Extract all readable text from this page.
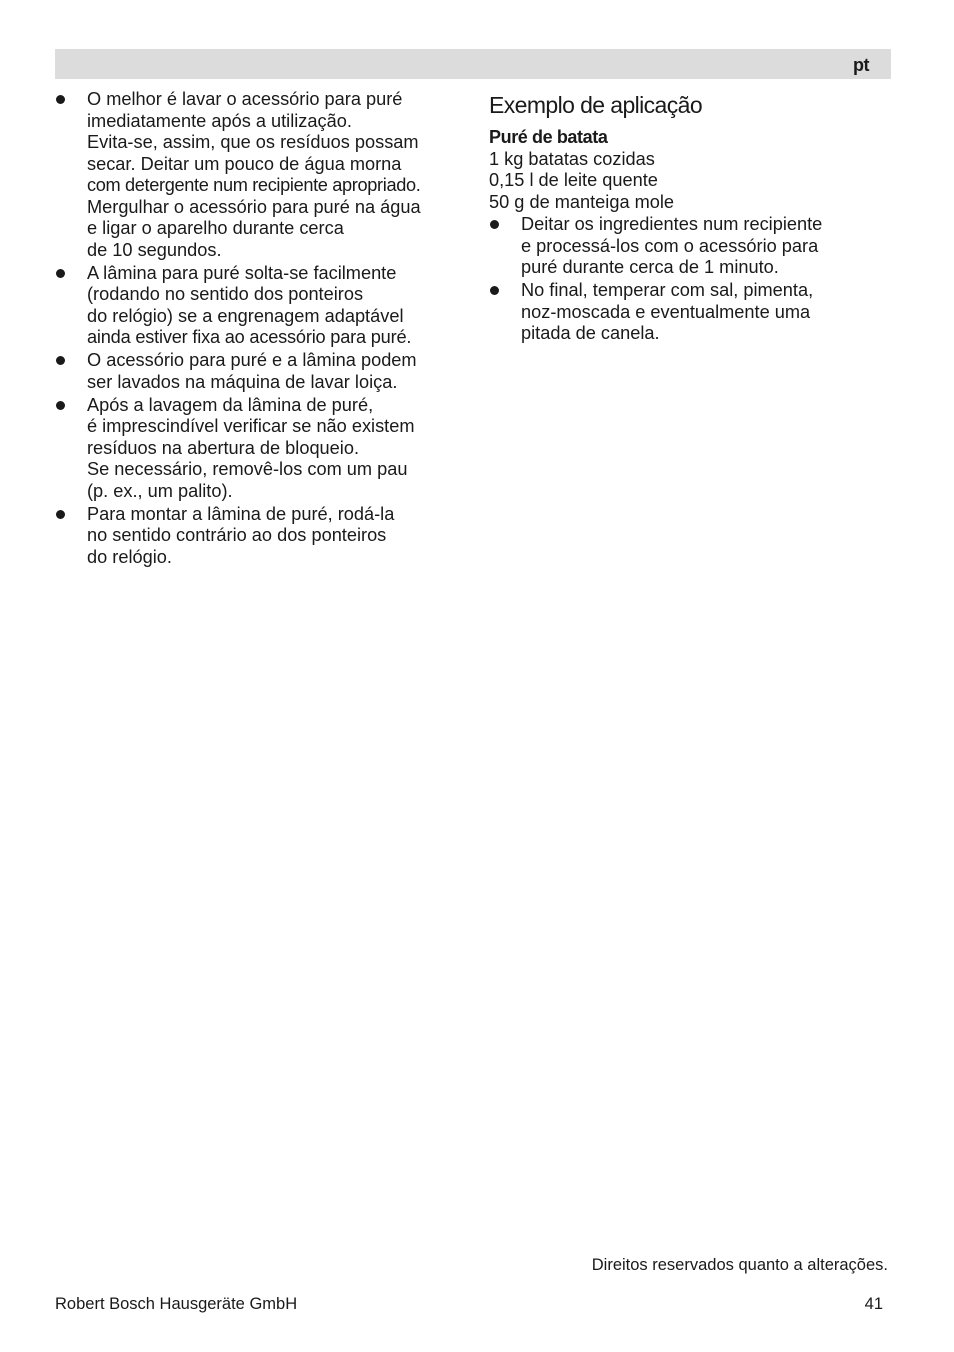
pt
O melhor é lavar o acessório para puré
imediatamente após a utilização.
Evita-se, assim, que os resíduos possam
secar. Deitar um pouco de água morna
com detergente num recipiente apropriado.
Mergulhar o acessório para puré na água
e ligar o aparelho durante cerca
de 10 segundos.
A lâmina para puré solta-se facilmente
(rodando no sentido dos ponteiros
do relógio) se a engrenagem adaptável
ainda estiver fixa ao acessório para puré.
O acessório para puré e a lâmina podem
ser lavados na máquina de lavar loiça.
Após a lavagem da lâmina de puré,
é imprescindível verificar se não existem
resíduos na abertura de bloqueio.
Se necessário, removê-los com um pau
(p. ex., um palito).
Para montar a lâmina de puré, rodá-la
no sentido contrário ao dos ponteiros
do relógio.
Exemplo de aplicação
Puré de batata
1 kg batatas cozidas
0,15 l de leite quente
50 g de manteiga mole
Deitar os ingredientes num recipiente
e processá-los com o acessório para
puré durante cerca de 1 minuto.
No final, temperar com sal, pimenta,
noz-moscada e eventualmente uma
pitada de canela.
Direitos reservados quanto a alterações.
Robert Bosch Hausgeräte GmbH	41
